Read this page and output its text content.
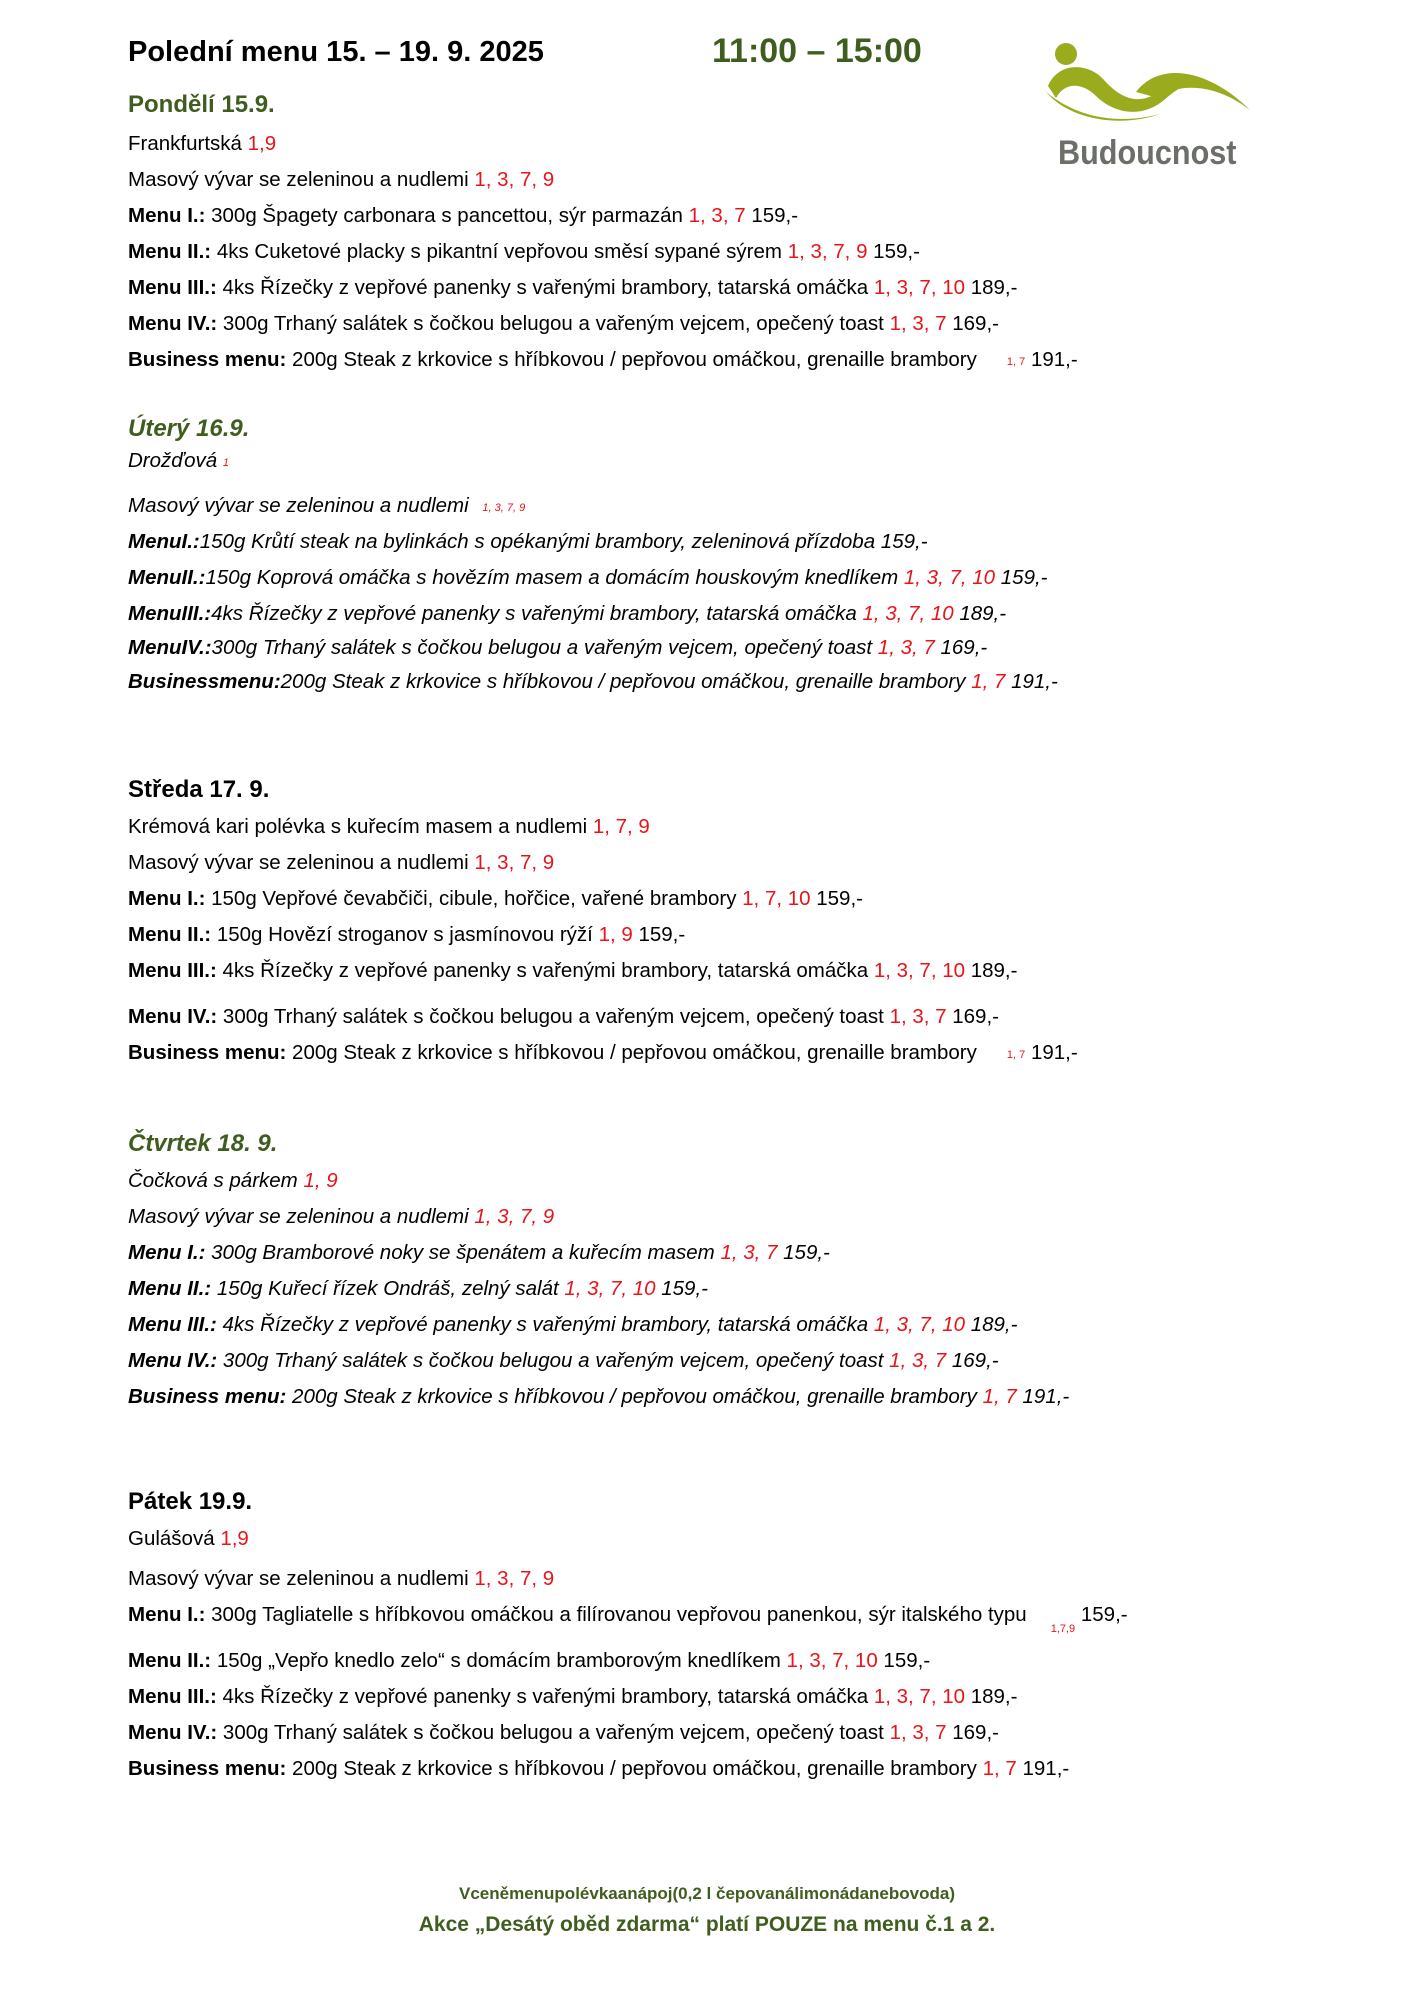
Polední menu 15. – 19. 9. 2025	11:00 – 15:00
Budoucnost
Pondělí 15.9.
Frankfurtská 1,9
Masový vývar se zeleninou a nudlemi 1, 3, 7, 9
Menu I.: 300g Špagety carbonara s pancettou, sýr parmazán 1, 3, 7 159,-
Menu II.: 4ks Cuketové placky s pikantní vepřovou směsí sypané sýrem 1, 3, 7, 9 159,-
Menu III.: 4ks Řízečky z vepřové panenky s vařenými brambory, tatarská omáčka 1, 3, 7, 10 189,-
Menu IV.: 300g Trhaný salátek s čočkou belugou a vařeným vejcem, opečený toast 1, 3, 7 169,-
Business menu: 200g Steak z krkovice s hříbkovou / pepřovou omáčkou, grenaille brambory	$^{1, 7}$ 191,-
Úterý 16.9.
Drožďová $^1$
Masový vývar se zeleninou a nudlemi $^{1, 3, 7, 9}$
MenuI.:150g Krůtí steak na bylinkách s opékanými brambory, zeleninová přízdoba 159,-
MenuII.:150g Koprová omáčka s hovězím masem a domácím houskovým knedlíkem 1, 3, 7, 10 159,-
MenuIII.:4ks Řízečky z vepřové panenky s vařenými brambory, tatarská omáčka 1, 3, 7, 10 189,-
MenuIV.:300g Trhaný salátek s čočkou belugou a vařeným vejcem, opečený toast 1, 3, 7 169,-
Businessmenu:200g Steak z krkovice s hříbkovou / pepřovou omáčkou, grenaille brambory 1, 7 191,-
Středa 17. 9.
Krémová kari polévka s kuřecím masem a nudlemi 1, 7, 9
Masový vývar se zeleninou a nudlemi 1, 3, 7, 9
Menu I.: 150g Vepřové čevabčiči, cibule, hořčice, vařené brambory 1, 7, 10 159,-
Menu II.: 150g Hovězí stroganov s jasmínovou rýží 1, 9 159,-
Menu III.: 4ks Řízečky z vepřové panenky s vařenými brambory, tatarská omáčka 1, 3, 7, 10 189,-
Menu IV.: 300g Trhaný salátek s čočkou belugou a vařeným vejcem, opečený toast 1, 3, 7 169,-
Business menu: 200g Steak z krkovice s hříbkovou / pepřovou omáčkou, grenaille brambory	$^{1, 7}$ 191,-
Čtvrtek 18. 9.
Čočková s párkem 1, 9
Masový vývar se zeleninou a nudlemi 1, 3, 7, 9
Menu I.: 300g Bramborové noky se špenátem a kuřecím masem 1, 3, 7 159,-
Menu II.: 150g Kuřecí řízek Ondráš, zelný salát 1, 3, 7, 10 159,-
Menu III.: 4ks Řízečky z vepřové panenky s vařenými brambory, tatarská omáčka 1, 3, 7, 10 189,-
Menu IV.: 300g Trhaný salátek s čočkou belugou a vařeným vejcem, opečený toast 1, 3, 7 169,-
Business menu: 200g Steak z krkovice s hříbkovou / pepřovou omáčkou, grenaille brambory 1, 7 191,-
Pátek 19.9.
Gulášová 1,9
Masový vývar se zeleninou a nudlemi 1, 3, 7, 9
Menu I.: 300g Tagliatelle s hříbkovou omáčkou a filírovanou vepřovou panenkou, sýr italského typu$^{1,7,9}$ 159,-
Menu II.: 150g „Vepřo knedlo zelo“ s domácím bramborovým knedlíkem 1, 3, 7, 10 159,-
Menu III.: 4ks Řízečky z vepřové panenky s vařenými brambory, tatarská omáčka 1, 3, 7, 10 189,-
Menu IV.: 300g Trhaný salátek s čočkou belugou a vařeným vejcem, opečený toast 1, 3, 7 169,-
Business menu: 200g Steak z krkovice s hříbkovou / pepřovou omáčkou, grenaille brambory 1, 7 191,-
Vceněmenupolévkaanápoj(0,2 l čepovanálimonádanebovoda)
Akce „Desátý oběd zdarma“ platí POUZE na menu č.1 a 2.
